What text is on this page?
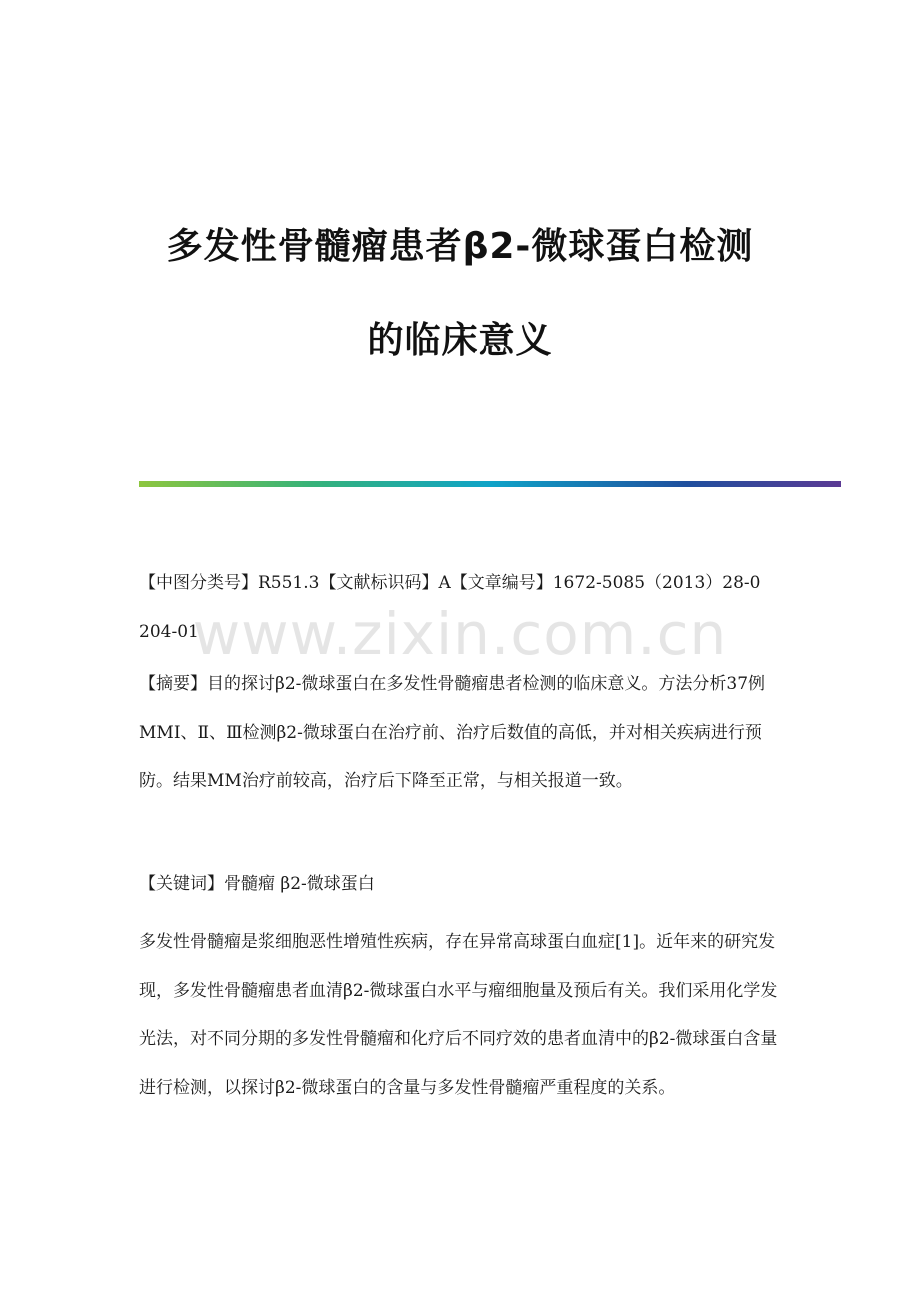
多发性骨髓瘤患者β2-微球蛋白检测
的临床意义
www.zixin.com.cn

【中图分类号】R551.3【文献标识码】A【文章编号】1672-5085（2013）28-0204-01

【摘要】目的探讨β2-微球蛋白在多发性骨髓瘤患者检测的临床意义。方法分析37例MMⅠ、Ⅱ、Ⅲ检测β2-微球蛋白在治疗前、治疗后数值的高低，并对相关疾病进行预防。结果MM治疗前较高，治疗后下降至正常，与相关报道一致。

【关键词】骨髓瘤 β2-微球蛋白

多发性骨髓瘤是浆细胞恶性增殖性疾病，存在异常高球蛋白血症[1]。近年来的研究发现，多发性骨髓瘤患者血清β2-微球蛋白水平与瘤细胞量及预后有关。我们采用化学发光法，对不同分期的多发性骨髓瘤和化疗后不同疗效的患者血清中的β2-微球蛋白含量进行检测，以探讨β2-微球蛋白的含量与多发性骨髓瘤严重程度的关系。
